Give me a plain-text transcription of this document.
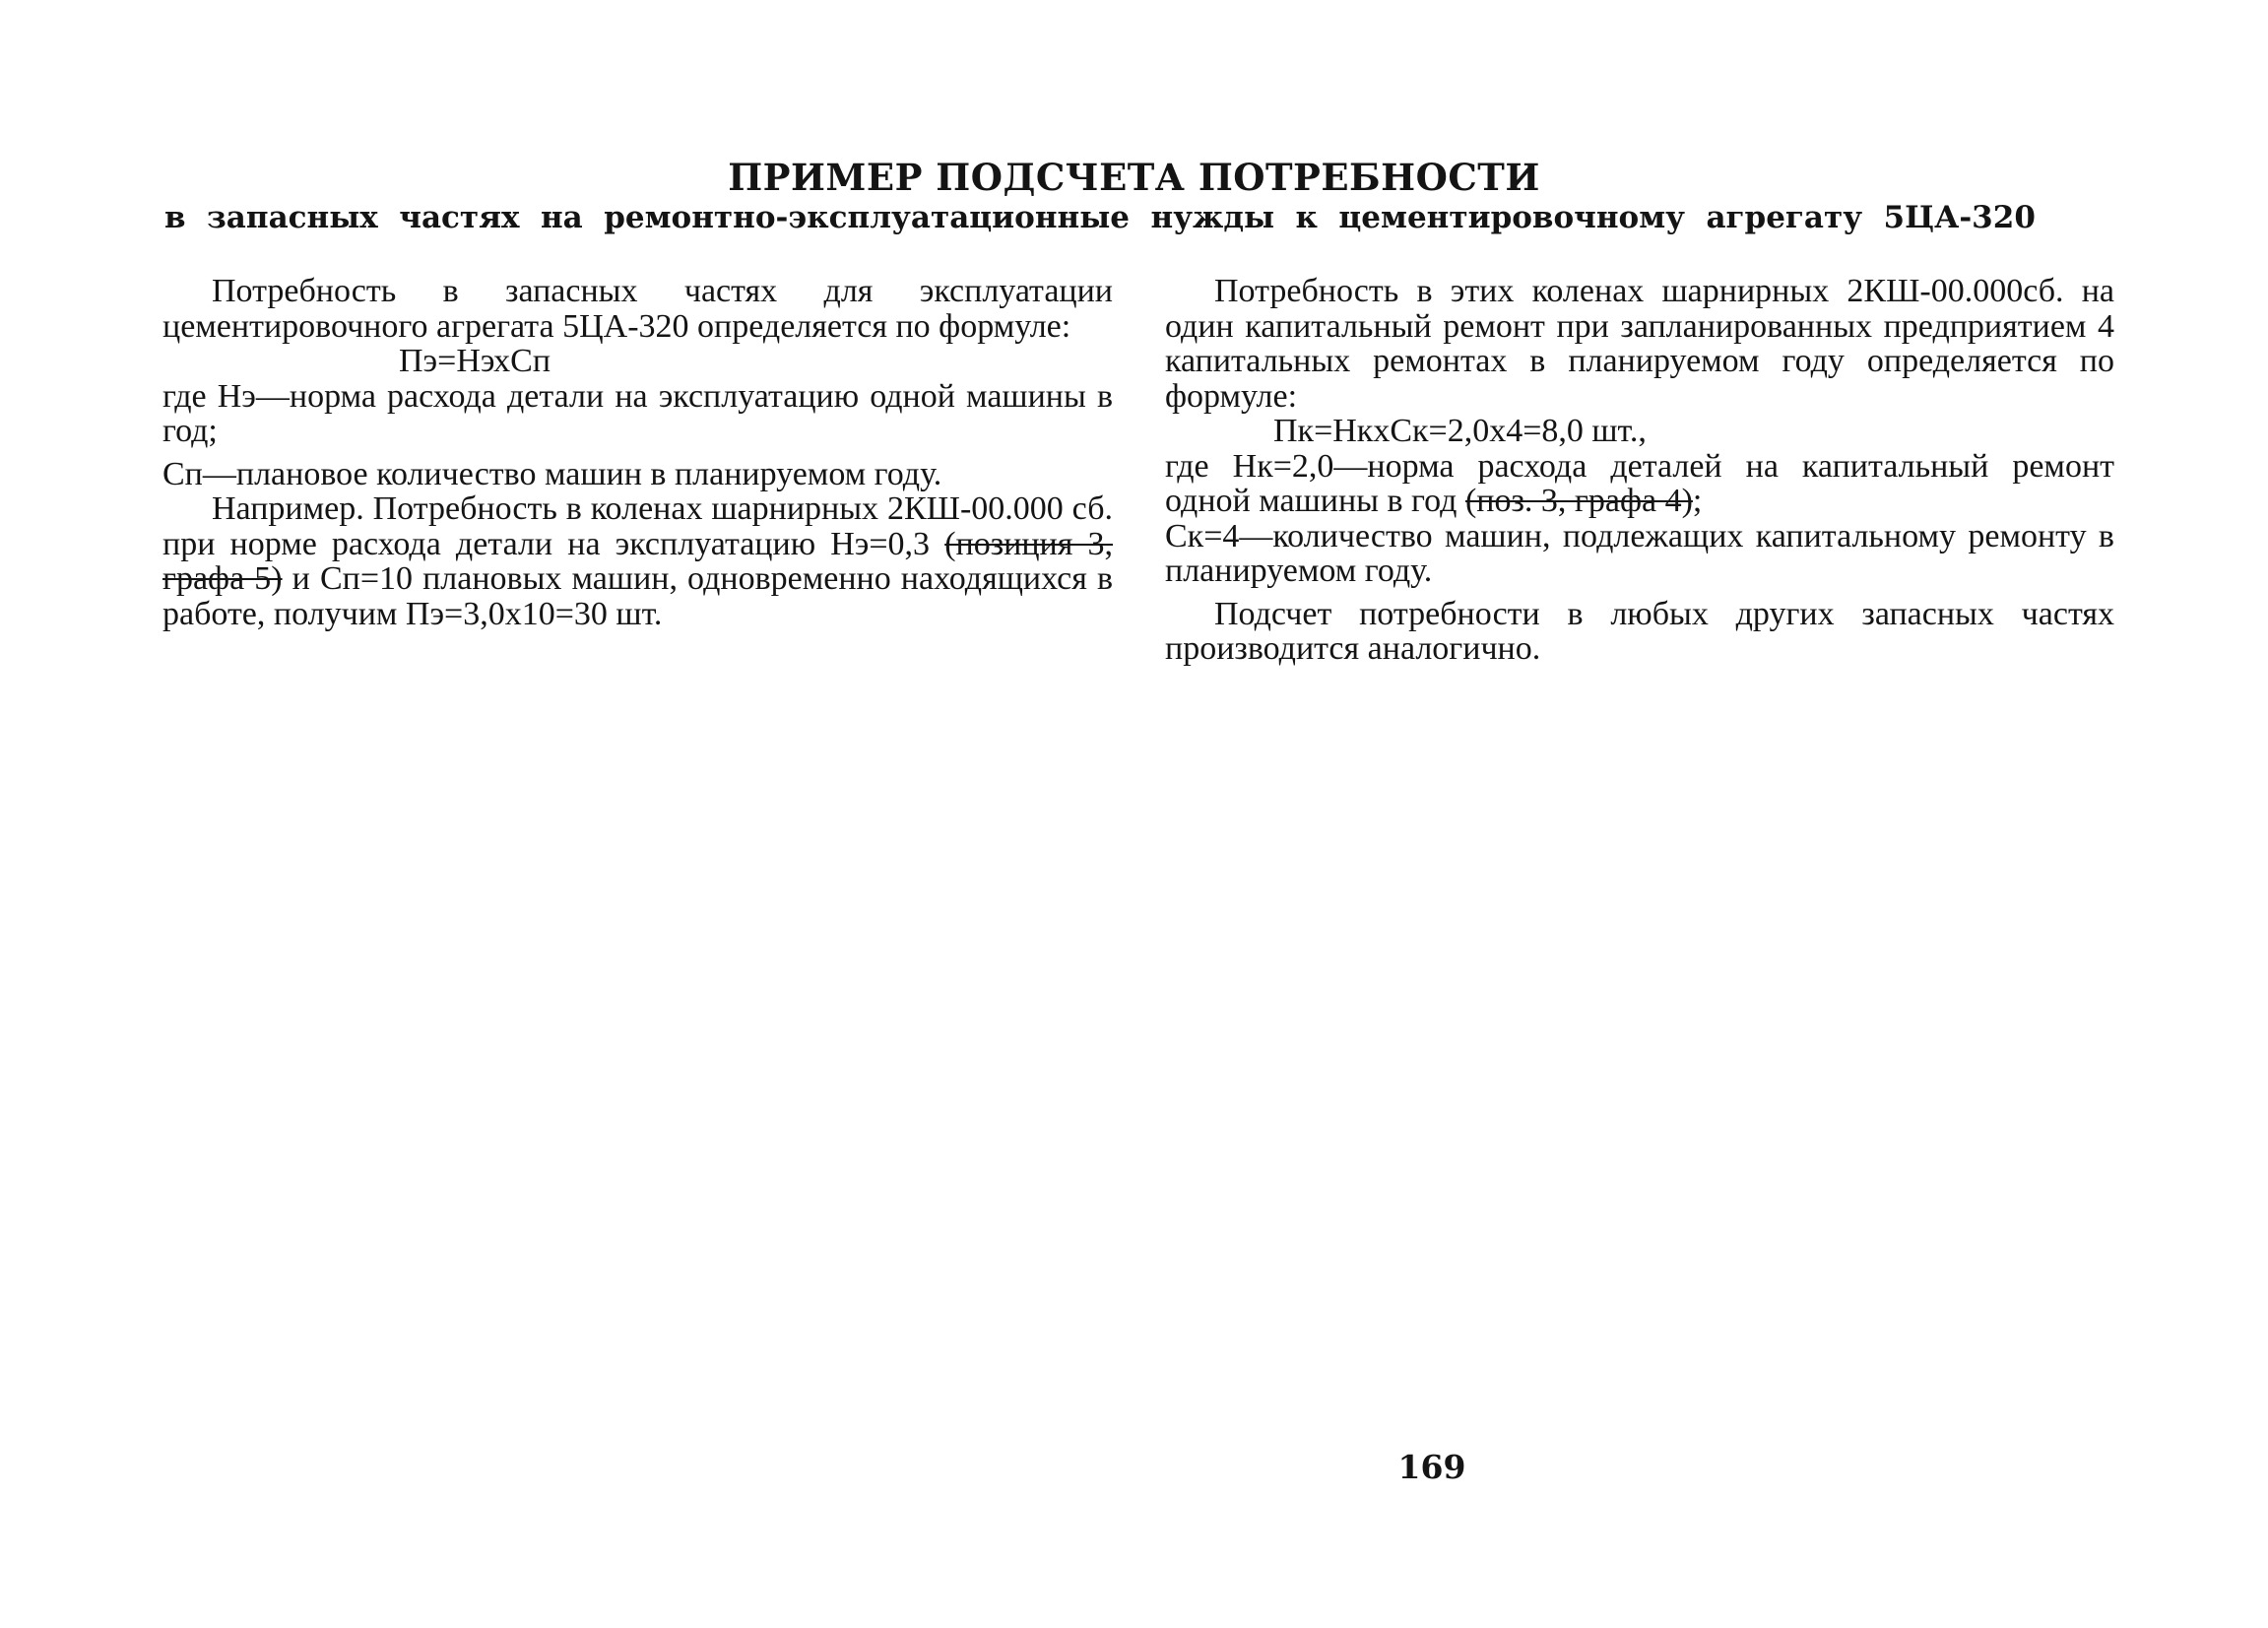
ПРИМЕР ПОДСЧЕТА ПОТРЕБНОСТИ
в запасных частях на ремонтно-эксплуатационные нужды к цементировочному агрегату 5ЦА-320

Потребность в запасных частях для эксплуатации цементировочного агрегата 5ЦА-320 определяется по формуле:

Пэ=НэхСп

где Нэ—норма расхода детали на эксплуатацию одной машины в год;

Сп—плановое количество машин в планируемом году.

Например. Потребность в коленах шарнирных 2КШ-00.000 сб. при норме расхода детали на эксплуатацию Нэ=0,3 (позиция 3, графа 5) и Сп=10 плановых машин, одновременно находящихся в работе, получим Пэ=3,0х10=30 шт.

Потребность в этих коленах шарнирных 2КШ-00.000сб. на один капитальный ремонт при запланированных предприятием 4 капитальных ремонтах в планируемом году определяется по формуле:

Пк=НкхСк=2,0х4=8,0 шт.,

где Нк=2,0—норма расхода деталей на капитальный ремонт одной машины в год (поз. 3, графа 4);

Ск=4—количество машин, подлежащих капитальному ремонту в планируемом году.

Подсчет потребности в любых других запасных частях производится аналогично.

169
